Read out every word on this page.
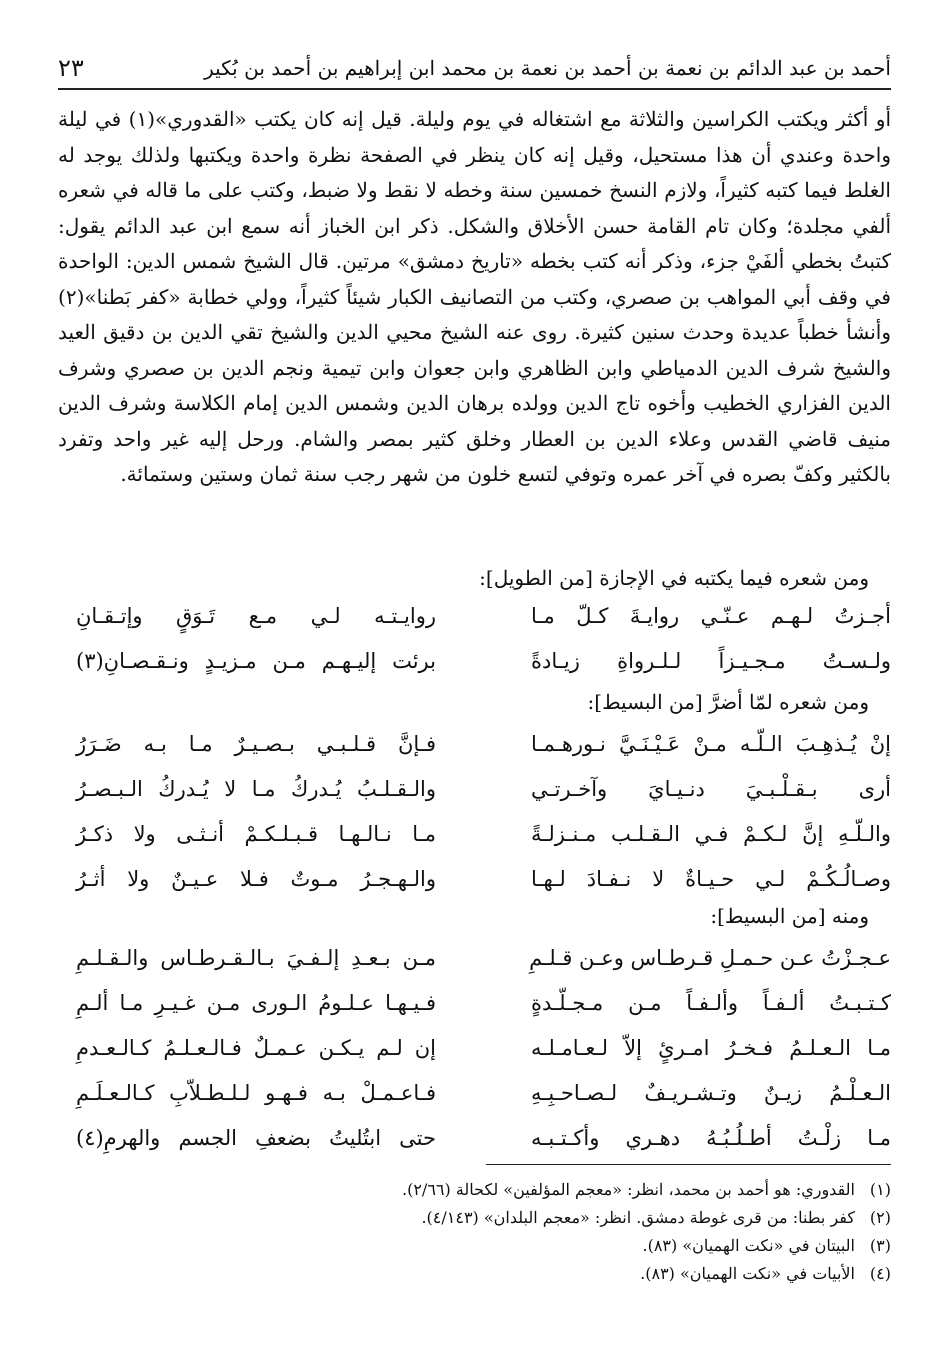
أحمد بن عبد الدائم بن نعمة بن أحمد بن نعمة بن محمد ابن إبراهيم بن أحمد بن بُكير
٢٣
أو أكثر ويكتب الكراسين والثلاثة مع اشتغاله في يوم وليلة. قيل إنه كان يكتب «القدوري»(١) في ليلة واحدة وعندي أن هذا مستحيل، وقيل إنه كان ينظر في الصفحة نظرة واحدة ويكتبها ولذلك يوجد له الغلط فيما كتبه كثيراً، ولازم النسخ خمسين سنة وخطه لا نقط ولا ضبط، وكتب على ما قاله في شعره ألفي مجلدة؛ وكان تام القامة حسن الأخلاق والشكل. ذكر ابن الخباز أنه سمع ابن عبد الدائم يقول: كتبتُ بخطي ألفَيْ جزء، وذكر أنه كتب بخطه «تاريخ دمشق» مرتين. قال الشيخ شمس الدين: الواحدة في وقف أبي المواهب بن صصري، وكتب من التصانيف الكبار شيئاً كثيراً، وولي خطابة «كفر بَطنا»(٢) وأنشأ خطباً عديدة وحدث سنين كثيرة. روى عنه الشيخ محيي الدين والشيخ تقي الدين بن دقيق العيد والشيخ شرف الدين الدمياطي وابن الظاهري وابن جعوان وابن تيمية ونجم الدين بن صصري وشرف الدين الفزاري الخطيب وأخوه تاج الدين وولده برهان الدين وشمس الدين إمام الكلاسة وشرف الدين منيف قاضي القدس وعلاء الدين بن العطار وخلق كثير بمصر والشام. ورحل إليه غير واحد وتفرد بالكثير وكفّ بصره في آخر عمره وتوفي لتسع خلون من شهر رجب سنة ثمان وستين وستمائة.
ومن شعره فيما يكتبه في الإجازة [من الطويل]:
أجـزتُ لـهـم عـنّـي روايـةَ كـلّ مـا
روايـتـه لـي مـع تَـوَقٍ وإتـقـانِ
ولـسـتُ مـجـيـزاً لـلـرواةِ زيـادةً
برئت إليـهـم مـن مـزيـدٍ ونـقـصـانِ(٣)
ومن شعره لمّا أضرَّ [من البسيط]:
إنْ يُـذهِـبَ الـلّـه مـنْ عَـيْـنَـيَّ نـورهـمـا
فـإنَّ قـلـبـي بـصـيـرٌ مـا بـه ضَـرَرُ
أرى بـقـلْـبـيَ دنـيـايَ وآخـرتـي
والـقـلـبُ يُـدركُ مـا لا يُـدركُ الـبـصـرُ
والـلّـهِ إنَّ لـكـمْ فـي الـقـلـب مـنـزلـةً
مـا نـالـهـا قـبـلـكـمْ أنـثـى ولا ذكـرُ
وصـالُـكُـمْ لـي حـيـاةٌ لا نـفـادَ لـهـا
والـهـجـرُ مـوتٌ فـلا عـيـنٌ ولا أثـرُ
ومنه [من البسيط]:
عـجـزْتُ عـن حـمـلِ قـرطـاس وعـن قـلـمِ
مـن بـعـدِ إلـفـيَ بـالـقـرطـاس والـقـلـمِ
كـتـبـتُ ألـفـاً وألـفـاً مـن مـجـلّـدةٍ
فـيـهـا عـلـومُ الـورى مـن غـيـرِ مـا ألـمِ
مـا الـعـلـمُ فـخـرُ امـرئٍ إلاّ لـعـامـلـه
إن لـم يـكـن عـمـلٌ فـالـعـلـمُ كـالـعـدمِ
الـعـلْـمُ زيـنٌ وتـشـريـفٌ لـصـاحـبِـهِ
فـاعـمـلْ بـه فـهـو لـلـطـلاّبِ كـالـعـلَـمِ
مـا زلْـتُ أطـلُـبُـهُ دهـري وأكـتـبـه
حتى ابتُليتُ بضعفِ الجسم والهرمِ(٤)
(١)
القدوري: هو أحمد بن محمد، انظر: «معجم المؤلفين» لكحالة (٢/٦٦).
(٢)
كفر بطنا: من قرى غوطة دمشق. انظر: «معجم البلدان» (٤/١٤٣).
(٣)
البيتان في «نكت الهميان» (٨٣).
(٤)
الأبيات في «نكت الهميان» (٨٣).
